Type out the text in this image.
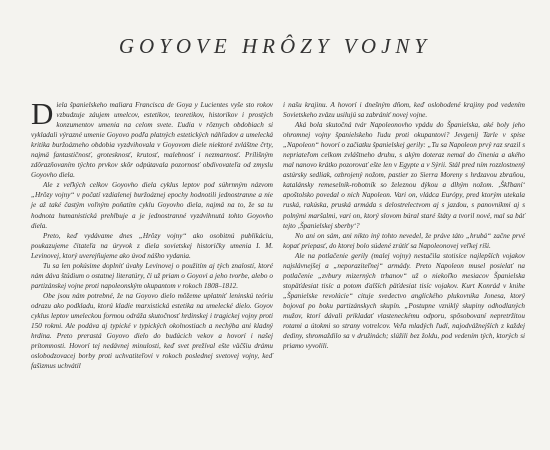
GOYOVE HRÔZY VOJNY

Diela španielskeho maliara Francisca de Goya y Lucientes vyše sto rokov vzbudzuje záujem umelcov, estetikov, teoretikov, historikov i prostých konzumentov umenia na celom svete. Ľudia v rôznych obdobiach si vykladali výrazné umenie Goyovo podľa platných estetických náhľadov a umelecká kritika buržoázneho obdobia vyzdvihovala v Goyovom diele niektoré zvláštne črty, najmä fantastičnosť, grotesknosť, krutosť, malebnosť i nezmarnosť. Prílišným zdôrazňovaním týchto prvkov skôr odpútavala pozornosť obdivovateľa od zmyslu Goyovho diela.

Ale z veľkých celkov Goyovho diela cyklus leptov pod súhrnným názvom „Hrôzy vojny“ v počatí vzdialenej buržoáznej epochy hodnotili jednostranne a nie je až také častým voľným poňatím cyklu Goyovho diela, najmä na to, že sa tu hodnota humanistická prehlbuje a je jednostranné vyzdvihnutá tohto Goyovho diela.

Preto, keď vydávame dnes „Hrôzy vojny“ ako osobitnú publikáciu, poukazujeme čitateľa na úryvok z diela sovietskej historičky umenia I. M. Levinovej, ktorý uverejňujeme ako úvod nášho vydania.

Tu sa len pokúsime doplniť úvahy Levinovej o použitím aj tých znalostí, ktoré nám dáva štúdium o ostatnej literatúry, či už priam o Goyovi a jeho tvorbe, alebo o partizánskej vojne proti napoleonským okupantom v rokoch 1808–1812.

Obe jsou nám potrebné, že na Goyovo dielo môžeme uplatniť leninskú teóriu odrazu ako podkladu, ktorú kladie marxistická estetika na umelecké dielo. Goyov cyklus leptov umeleckou formou odráža skutočnosť hrdinskej i tragickej vojny proti 150 rokmi. Ale podáva aj typické v typických okolnostiach a nechýba ani kladný hrdina. Preto prerastá Goyovo dielo do budúcich vekov a hovorí i našej prítomnosti. Hovorí tej nedávnej minulosti, keď svet prežíval ešte väčšiu drámu oslobodzovacej borby proti uchvatiteľovi v rokoch poslednej svetovej vojny, keď fašizmus uchvátil

i našu krajinu. A hovorí i dnešným dňom, keď oslobodené krajiny pod vedením Sovietskeho zväzu usilujú sa zabrániť novej vojne.

Aká bola skutočná tvár Napoleonovho vpádu do Španielska, aké boly jeho ohromnej vojny španielskeho ľudu proti okupantovi? Jevgenij Tarle v spise „Napoleon“ hovorí o začiatku španielskej gerily: „Tu sa Napoleon prvý raz srazil s nepriateľom celkom zvláštneho druhu, s akým doteraz nemal do činenia a akého mal nanovo krátko pozorovať ešte len v Egypte a v Sýrii. Stál pred ním rozzlostnený astúrsky sedliak, ozbrojený nožom, pastier zo Sierra Moreny s hrdzavou zbraňou, katalánsky remeselník-robotník so železnou dýkou a dlhým nožom. ‚Škľbaní‘ apoštolsko povedal o nich Napoleon. Vari on, vládca Európy, pred ktorým utekala ruská, rakúska, pruská armáda s delostrelectvom aj s jazdou, s panovníkmi aj s polnými maršalmi, vari on, ktorý slovom búral staré štáty a tvoril nové, mal sa báť tejto ‚Španielskej sberby‘?

No ani on sám, ani nikto iný tohto nevedel, že práve táto „hrubá“ začne prvé kopať priepasť, do ktorej bolo súdené zrútiť sa Napoleonovej veľkej ríši.

Ale na potlačenie gerily (malej vojny) nestačila stotisíce najlepších vojakov najslávnejšej a „neporaziteľnej“ armády. Preto Napoleon musel posielať na potlačenie „zvbury mizerných trhanov“ už o niekoľko mesiacov Španielska stopäťdesiat tisíc a potom ďalších päťdesiat tisíc vojakov. Kurt Konrád v knihe „Španielske revolúcie“ cituje svedectvo anglického plukovníka Jonesa, ktorý bojoval po boku partizánskych skupín. „Postupne vzniklý skupiny odhodlaných mužov, ktorí dávali prikladať vlasteneckému odporu, spôsobovaní nepretržitou rotami a útokmi so strany votrelcov. Veľa mladých ľudí, najodvážnejších z každej dediny, shromaždilo sa v družinách; slúžili bez žoldu, pod vedením tých, ktorých si priamo vyvolili.
